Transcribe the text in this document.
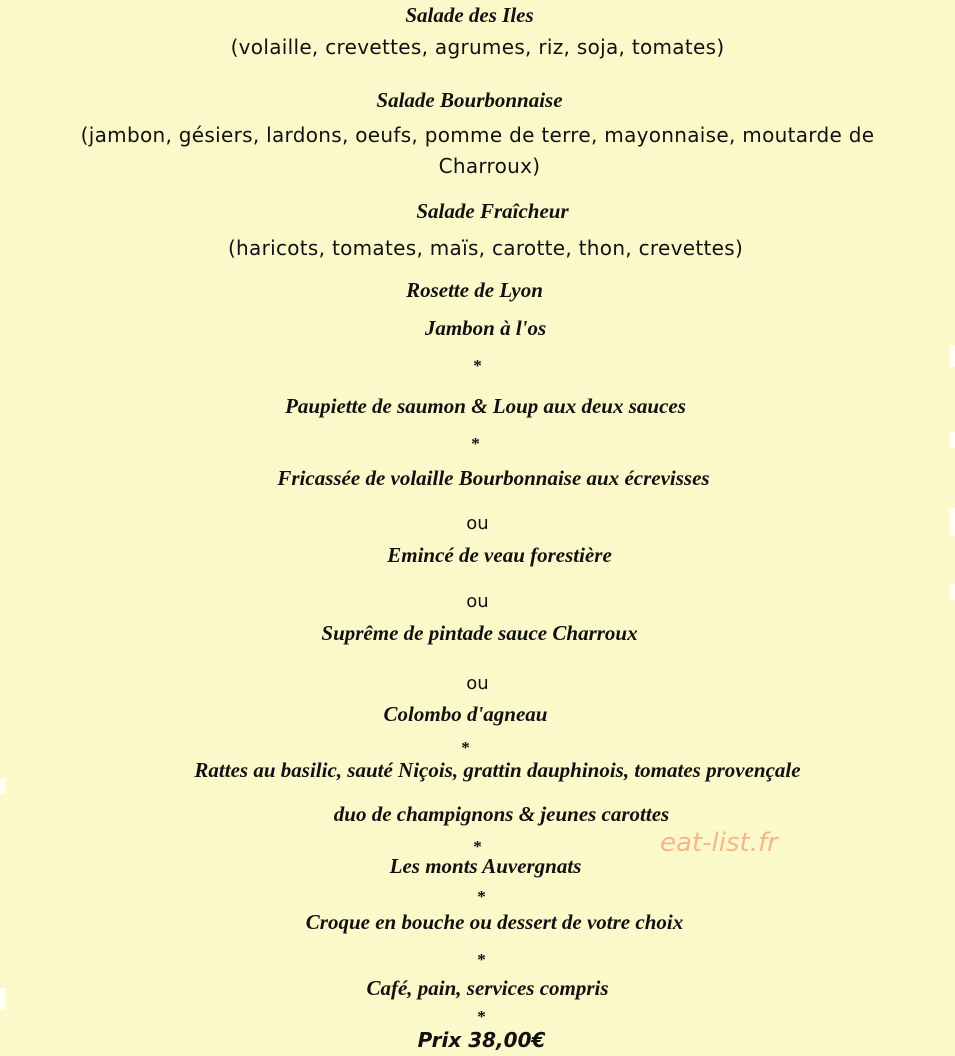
Salade des Iles
(volaille, crevettes, agrumes, riz, soja, tomates)
Salade Bourbonnaise
(jambon, gésiers, lardons, oeufs, pomme de terre, mayonnaise, moutarde de
Charroux)
Salade Fraîcheur
(haricots, tomates, maïs, carotte, thon, crevettes)
Rosette de Lyon
Jambon à l'os
*
Paupiette de saumon & Loup aux deux sauces
*
Fricassée de volaille Bourbonnaise aux écrevisses
ou
Emincé de veau forestière
ou
Suprême de pintade sauce Charroux
ou
Colombo d'agneau
*
Rattes au basilic, sauté Niçois, grattin dauphinois, tomates provençale
duo de champignons & jeunes carottes
*
Les monts Auvergnats
*
Croque en bouche ou dessert de votre choix
*
Café, pain, services compris
*
Prix 38,00€
eat-list.fr
